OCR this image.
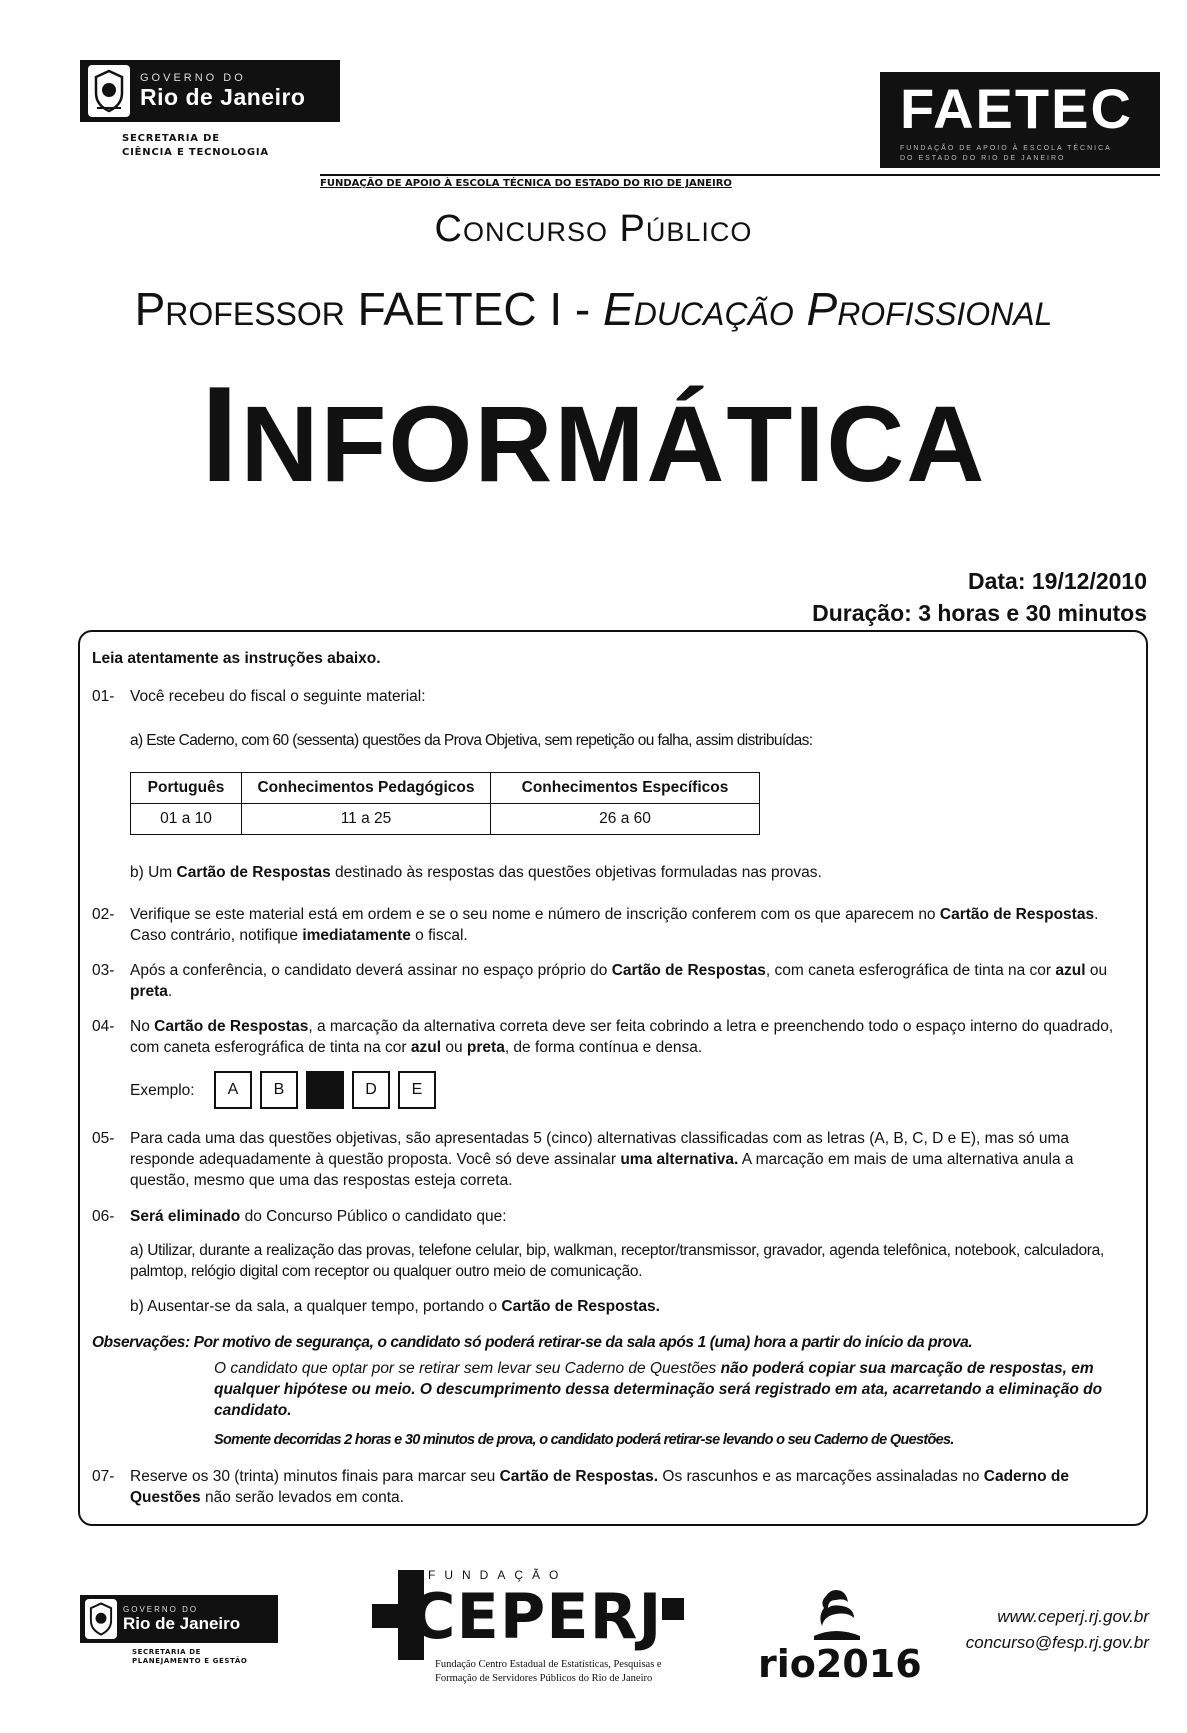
GOVERNO DO
Rio de Janeiro
SECRETARIA DE
CIÊNCIA E TECNOLOGIA
FAETEC
FUNDAÇÃO DE APOIO À ESCOLA TÉCNICA
DO ESTADO DO RIO DE JANEIRO
FUNDAÇÃO DE APOIO À ESCOLA TÉCNICA DO ESTADO DO RIO DE JANEIRO
Concurso Público
Professor FAETEC I - Educação Profissional
INFORMÁTICA
Data: 19/12/2010
Duração: 3 horas e 30 minutos
Leia atentamente as instruções abaixo.
01- Você recebeu do fiscal o seguinte material:
a) Este Caderno, com 60 (sessenta) questões da Prova Objetiva, sem repetição ou falha, assim distribuídas:
Português	Conhecimentos Pedagógicos	Conhecimentos Específicos
01 a 10	11 a 25	26 a 60
b) Um Cartão de Respostas destinado às respostas das questões objetivas formuladas nas provas.
02-	Verifique se este material está em ordem e se o seu nome e número de inscrição conferem com os que aparecem no Cartão de Respostas. Caso contrário, notifique imediatamente o fiscal.
03-	Após a conferência, o candidato deverá assinar no espaço próprio do Cartão de Respostas, com caneta esferográfica de tinta na cor azul ou preta.
04-	No Cartão de Respostas, a marcação da alternativa correta deve ser feita cobrindo a letra e preenchendo todo o espaço interno do quadrado, com caneta esferográfica de tinta na cor azul ou preta, de forma contínua e densa.
Exemplo:	A	B	D	E
05-	Para cada uma das questões objetivas, são apresentadas 5 (cinco) alternativas classificadas com as letras (A, B, C, D e E), mas só uma responde adequadamente à questão proposta. Você só deve assinalar uma alternativa. A marcação em mais de uma alternativa anula a questão, mesmo que uma das respostas esteja correta.
06- Será eliminado do Concurso Público o candidato que:
a) Utilizar, durante a realização das provas, telefone celular, bip, walkman, receptor/transmissor, gravador, agenda telefônica, notebook, calculadora, palmtop, relógio digital com receptor ou qualquer outro meio de comunicação.
b) Ausentar-se da sala, a qualquer tempo, portando o Cartão de Respostas.
Observações: Por motivo de segurança, o candidato só poderá retirar-se da sala após 1 (uma) hora a partir do início da prova.
O candidato que optar por se retirar sem levar seu Caderno de Questões não poderá copiar sua marcação de respostas, em qualquer hipótese ou meio. O descumprimento dessa determinação será registrado em ata, acarretando a eliminação do candidato.
Somente decorridas 2 horas e 30 minutos de prova, o candidato poderá retirar-se levando o seu Caderno de Questões.
07-	Reserve os 30 (trinta) minutos finais para marcar seu Cartão de Respostas. Os rascunhos e as marcações assinaladas no Caderno de Questões não serão levados em conta.
GOVERNO DO
Rio de Janeiro
SECRETARIA DE
PLANEJAMENTO E GESTÃO
FUNDAÇÃO
CEPERJ
Fundação Centro Estadual de Estatísticas, Pesquisas e
Formação de Servidores Públicos do Rio de Janeiro	rio2016
www.ceperj.rj.gov.br
concurso@fesp.rj.gov.br
